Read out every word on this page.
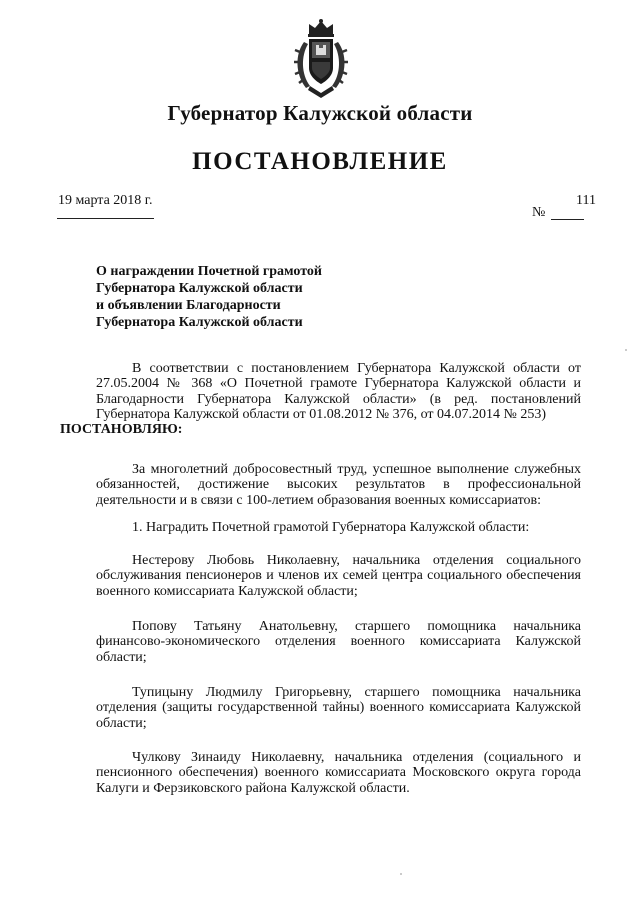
Губернатор Калужской области
ПОСТАНОВЛЕНИЕ
19 марта 2018 г.	111
№
О награждении Почетной грамотой
Губернатора Калужской области
и объявлении Благодарности
Губернатора Калужской области
В соответствии с постановлением Губернатора Калужской области от 27.05.2004 № 368 «О Почетной грамоте Губернатора Калужской области и Благодарности Губернатора Калужской области» (в ред. постановлений Губернатора Калужской области от 01.08.2012 № 376, от 04.07.2014 № 253)
ПОСТАНОВЛЯЮ:
За многолетний добросовестный труд, успешное выполнение служебных обязанностей, достижение высоких результатов в профессиональной деятельности и в связи с 100-летием образования военных комиссариатов:
1. Наградить Почетной грамотой Губернатора Калужской области:
Нестерову Любовь Николаевну, начальника отделения социального обслуживания пенсионеров и членов их семей центра социального обеспечения военного комиссариата Калужской области;
Попову Татьяну Анатольевну, старшего помощника начальника финансово-экономического отделения военного комиссариата Калужской области;
Тупицыну Людмилу Григорьевну, старшего помощника начальника отделения (защиты государственной тайны) военного комиссариата Калужской области;
Чулкову Зинаиду Николаевну, начальника отделения (социального и пенсионного обеспечения) военного комиссариата Московского округа города Калуги и Ферзиковского района Калужской области.
